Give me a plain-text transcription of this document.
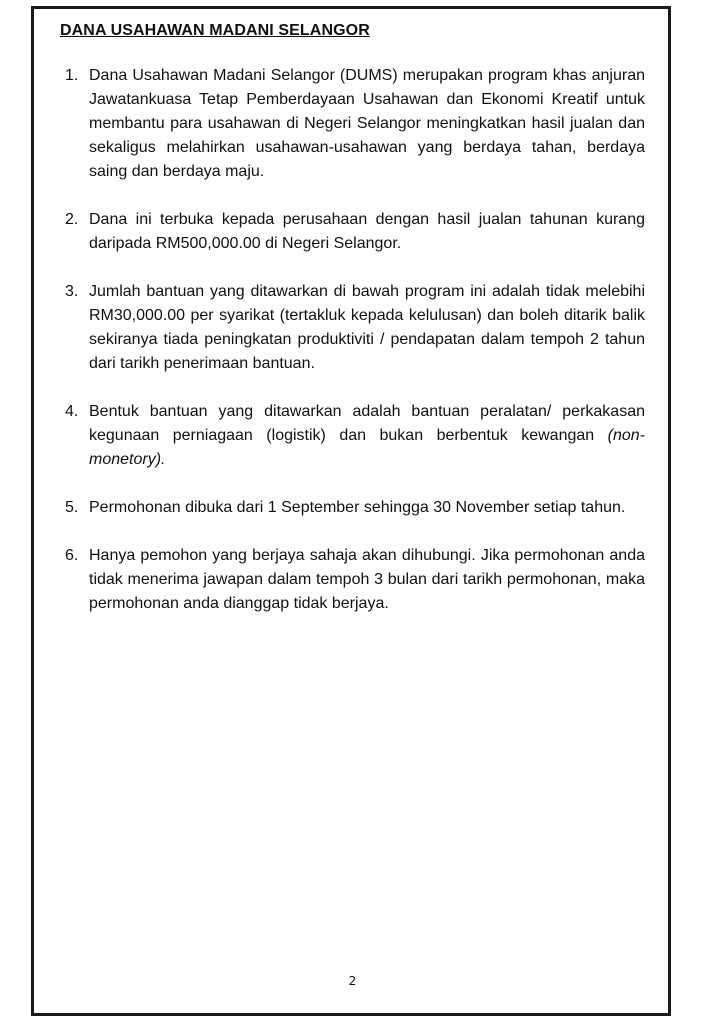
DANA USAHAWAN MADANI SELANGOR
1. Dana Usahawan Madani Selangor (DUMS) merupakan program khas anjuran Jawatankuasa Tetap Pemberdayaan Usahawan dan Ekonomi Kreatif untuk membantu para usahawan di Negeri Selangor meningkatkan hasil jualan dan sekaligus melahirkan usahawan-usahawan yang berdaya tahan, berdaya saing dan berdaya maju.
2. Dana ini terbuka kepada perusahaan dengan hasil jualan tahunan kurang daripada RM500,000.00 di Negeri Selangor.
3. Jumlah bantuan yang ditawarkan di bawah program ini adalah tidak melebihi RM30,000.00 per syarikat (tertakluk kepada kelulusan) dan boleh ditarik balik sekiranya tiada peningkatan produktiviti / pendapatan dalam tempoh 2 tahun dari tarikh penerimaan bantuan.
4. Bentuk bantuan yang ditawarkan adalah bantuan peralatan/ perkakasan kegunaan perniagaan (logistik) dan bukan berbentuk kewangan (non-monetory).
5. Permohonan dibuka dari 1 September sehingga 30 November setiap tahun.
6. Hanya pemohon yang berjaya sahaja akan dihubungi. Jika permohonan anda tidak menerima jawapan dalam tempoh 3 bulan dari tarikh permohonan, maka permohonan anda dianggap tidak berjaya.
2
